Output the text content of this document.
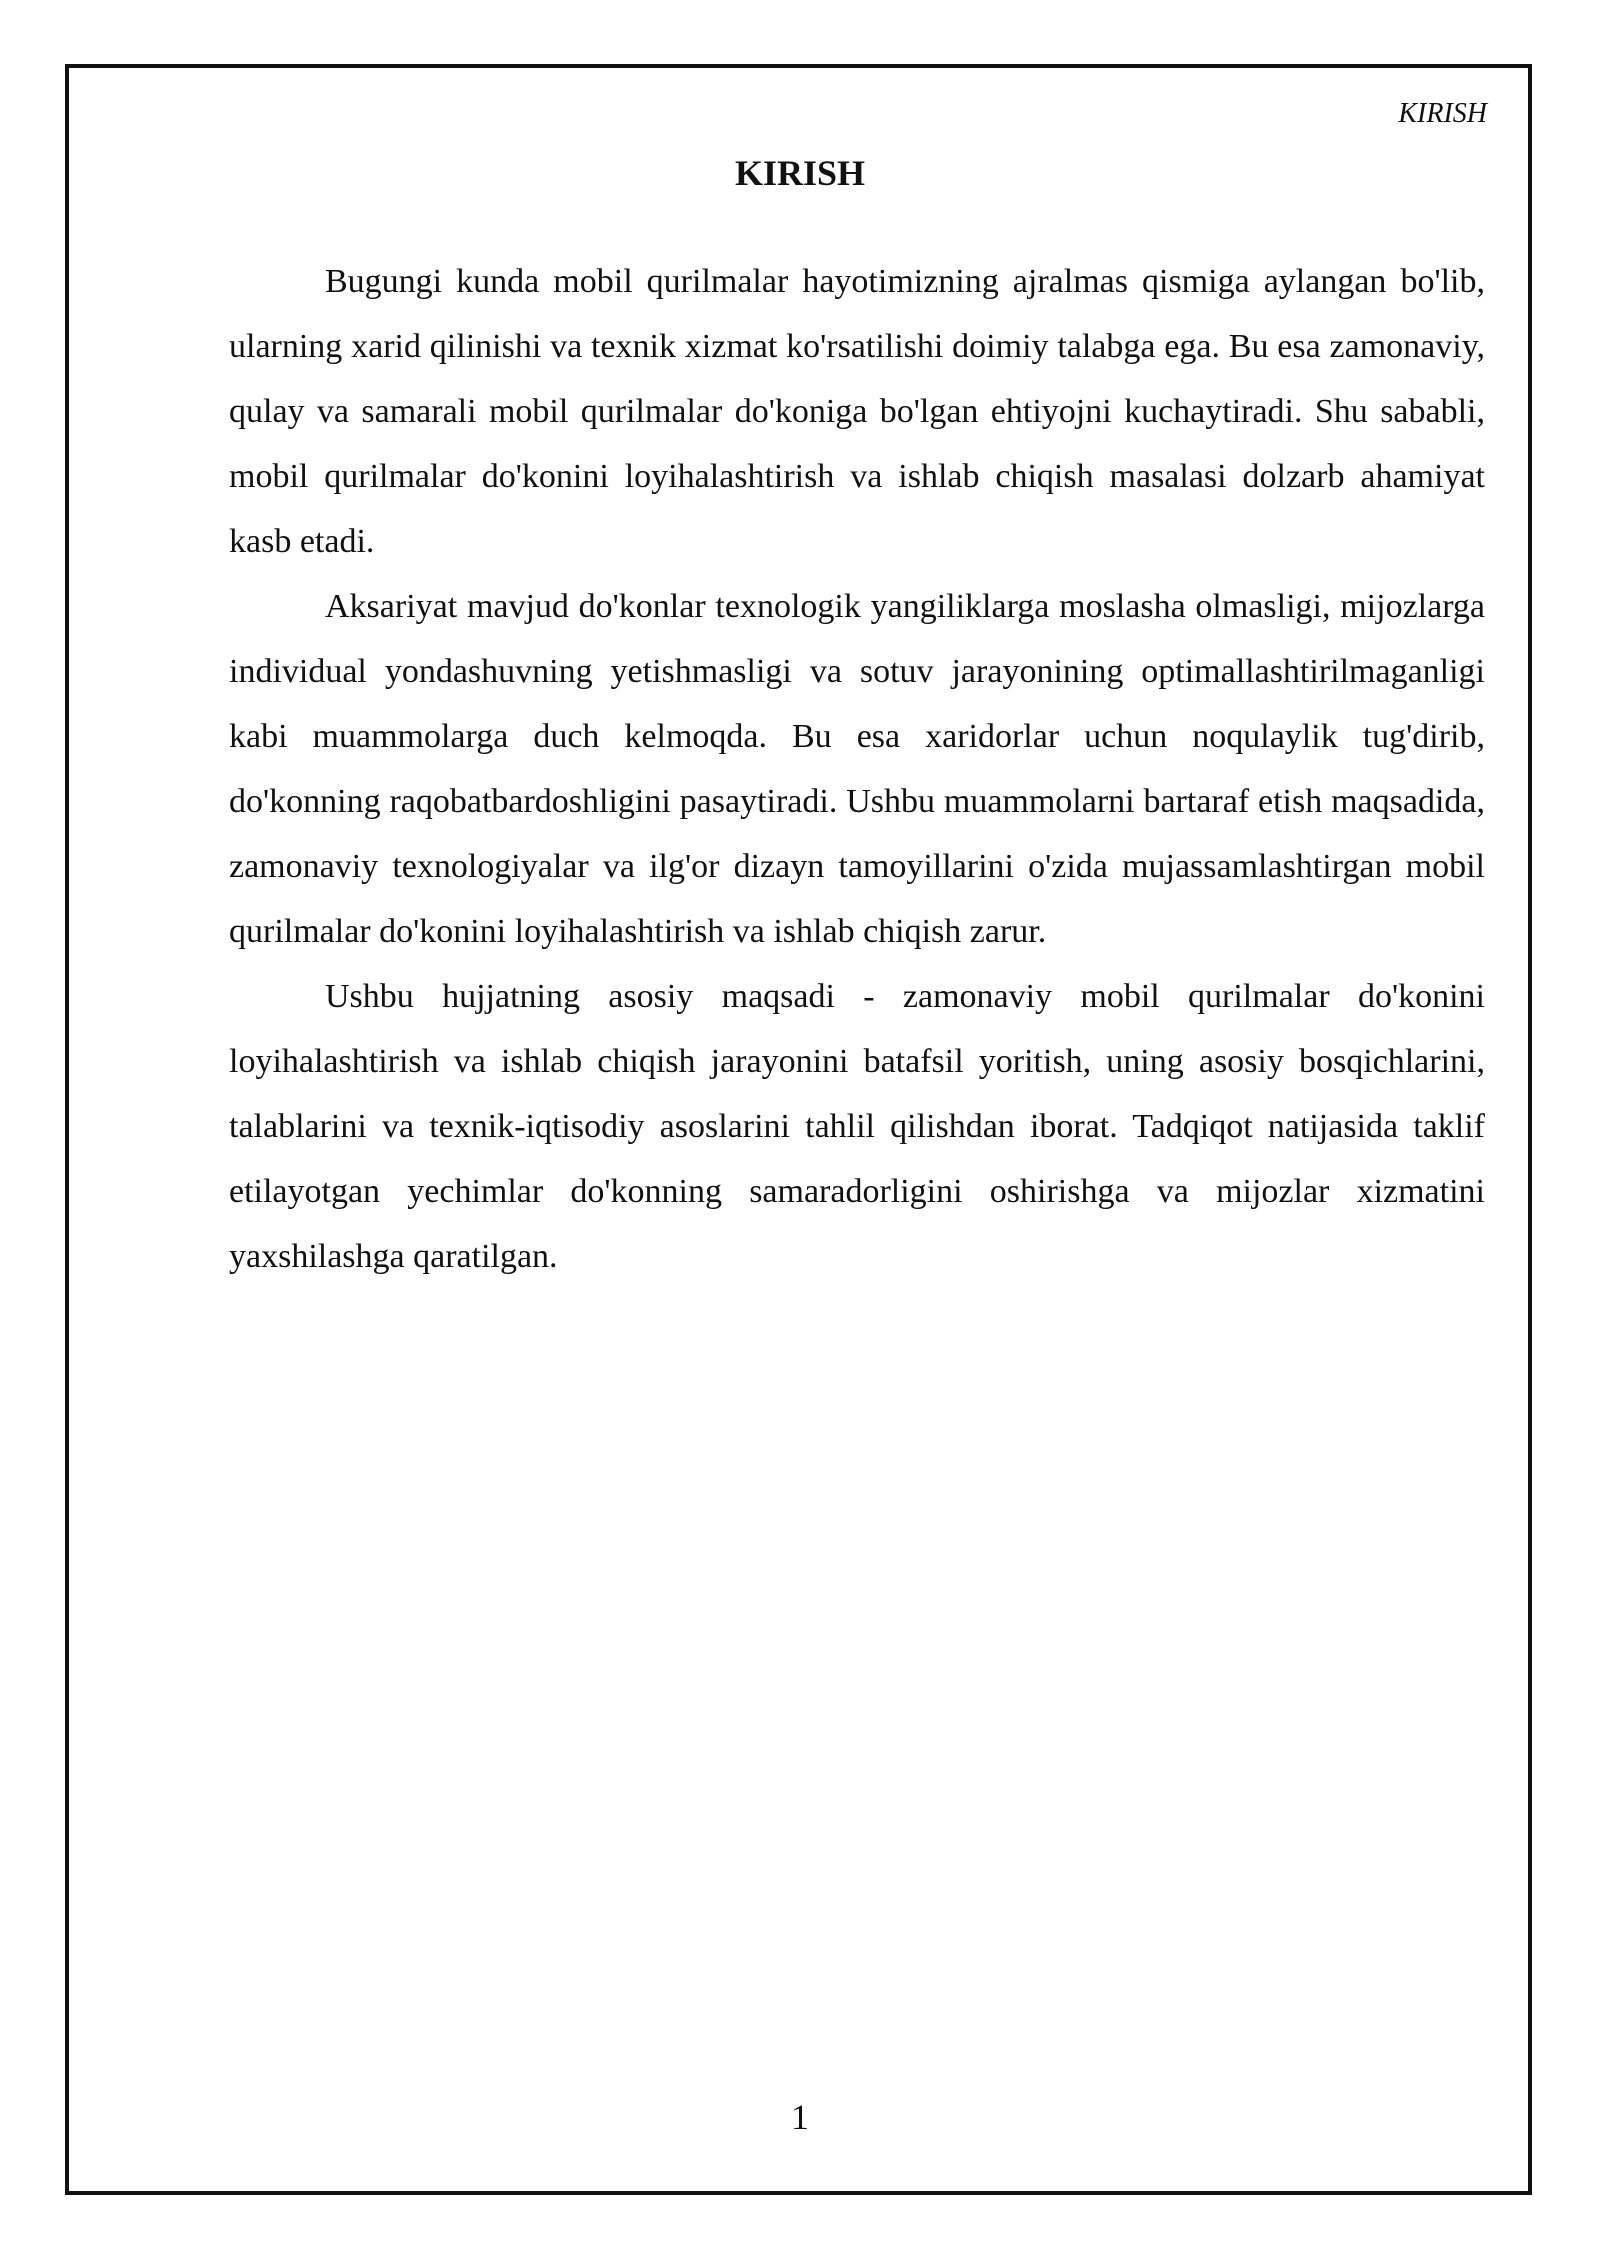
KIRISH
KIRISH

Bugungi kunda mobil qurilmalar hayotimizning ajralmas qismiga aylangan bo'lib, ularning xarid qilinishi va texnik xizmat ko'rsatilishi doimiy talabga ega. Bu esa zamonaviy, qulay va samarali mobil qurilmalar do'koniga bo'lgan ehtiyojni kuchaytiradi. Shu sababli, mobil qurilmalar do'konini loyihalashtirish va ishlab chiqish masalasi dolzarb ahamiyat kasb etadi.

Aksariyat mavjud do'konlar texnologik yangiliklarga moslasha olmasligi, mijozlarga individual yondashuvning yetishmasligi va sotuv jarayonining optimallashtirilmaganligi kabi muammolarga duch kelmoqda. Bu esa xaridorlar uchun noqulaylik tug'dirib, do'konning raqobatbardoshligini pasaytiradi. Ushbu muammolarni bartaraf etish maqsadida, zamonaviy texnologiyalar va ilg'or dizayn tamoyillarini o'zida mujassamlashtirgan mobil qurilmalar do'konini loyihalashtirish va ishlab chiqish zarur.

Ushbu hujjatning asosiy maqsadi - zamonaviy mobil qurilmalar do'konini loyihalashtirish va ishlab chiqish jarayonini batafsil yoritish, uning asosiy bosqichlarini, talablarini va texnik-iqtisodiy asoslarini tahlil qilishdan iborat. Tadqiqot natijasida taklif etilayotgan yechimlar do'konning samaradorligini oshirishga va mijozlar xizmatini yaxshilashga qaratilgan.

1
